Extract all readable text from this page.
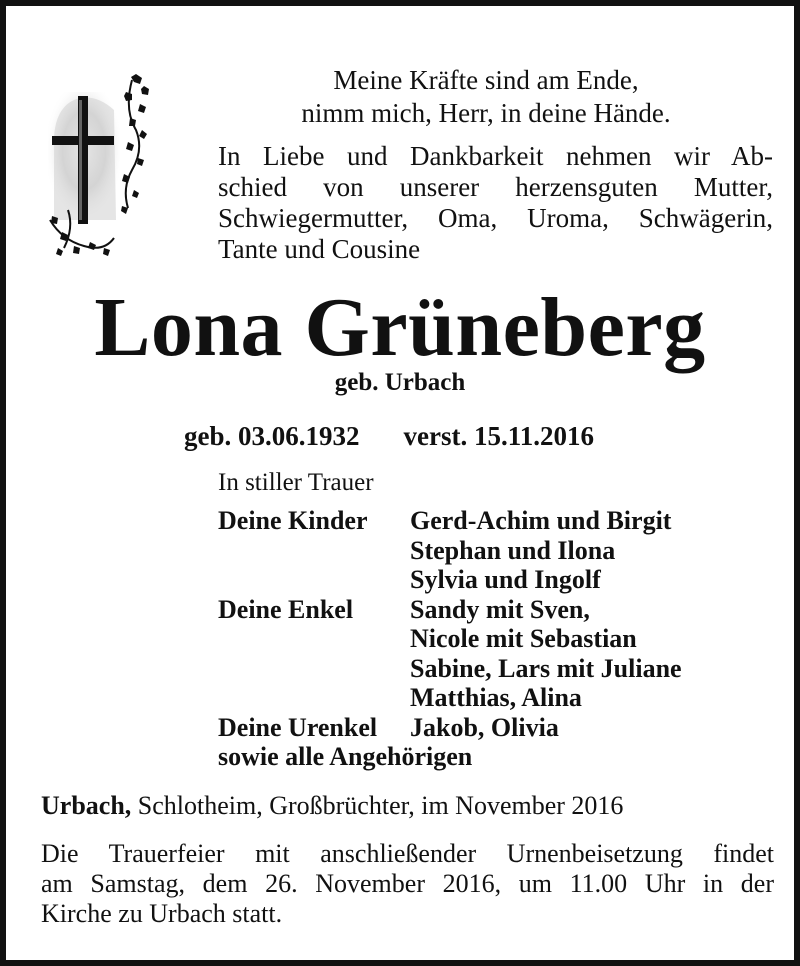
Meine Kräfte sind am Ende,
nimm mich, Herr, in deine Hände.
In Liebe und Dankbarkeit nehmen wir Ab-
schied von unserer herzensguten Mutter,
Schwiegermutter, Oma, Uroma, Schwägerin,
Tante und Cousine
Lona Grüneberg
geb. Urbach
geb. 03.06.1932 verst. 15.11.2016
In stiller Trauer
Deine Kinder	Gerd-Achim und Birgit
Stephan und Ilona
Sylvia und Ingolf
Deine Enkel	Sandy mit Sven,
Nicole mit Sebastian
Sabine, Lars mit Juliane
Matthias, Alina
Deine Urenkel	Jakob, Olivia
sowie alle Angehörigen
Urbach, Schlotheim, Großbrüchter, im November 2016
Die Trauerfeier mit anschließender Urnenbeisetzung findet
am Samstag, dem 26. November 2016, um 11.00 Uhr in der
Kirche zu Urbach statt.
